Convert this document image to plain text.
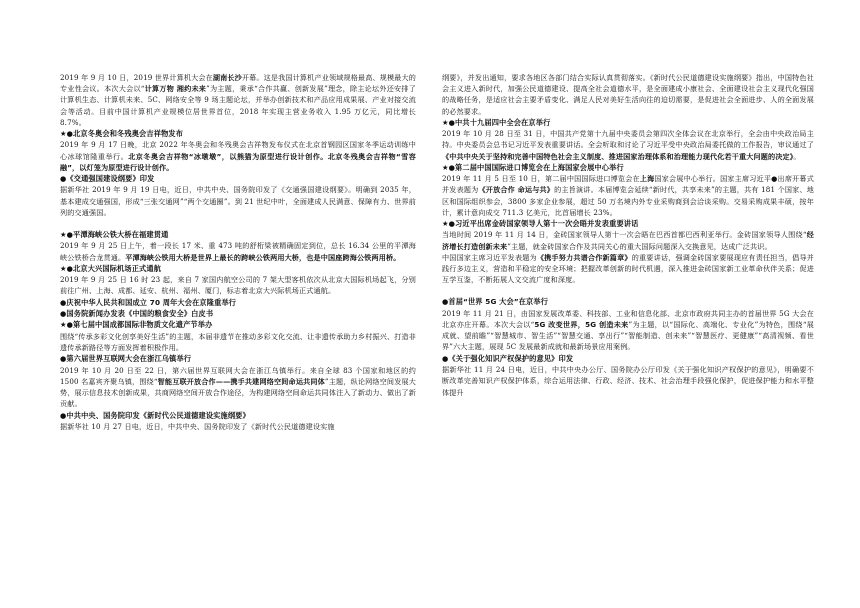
2019 年 9 月 10 日，2019 世界计算机大会在湖南长沙开幕。这是我国计算机产业领域规格最高、规模最大的专业性会议。本次大会以“计算万物 湘约未来”为主题，秉承“合作共赢、创新发展”理念，除主论坛外还安排了计算机生态、计算机未来、5C、网络安全等 9 场主题论坛，并举办创新技术和产品应用成果展、产业对接交流会等活动。目前中国计算机产业规模位居世界首位，2018 年实现主营业务收入 1.95 万亿元，同比增长 8.7%。

★●北京冬奥会和冬残奥会吉祥物发布

2019 年 9 月 17 日晚，北京 2022 年冬奥会和冬残奥会吉祥物发布仪式在北京首钢园区国家冬季运动训练中心冰球馆隆重举行。北京冬奥会吉祥物“冰墩墩”，以熊猫为原型进行设计创作。北京冬残奥会吉祥物“雪容融”，以灯笼为原型进行设计创作。

●《交通强国建设纲要》印发

据新华社 2019 年 9 月 19 日电，近日，中共中央、国务院印发了《交通强国建设纲要》。明确到 2035 年，基本建成交通强国，形成“三张交通网”“两个交通圈”。到 21 世纪中叶，全面建成人民满意、保障有力、世界前列的交通强国。

★●平潭海峡公铁大桥在福建贯通

2019 年 9 月 25 日上午，着一段长 17 米、重 473 吨的舒桁梁被精确固定到位，总长 16.34 公里的平潭海峡公铁桥合龙贯通。平潭海峡公铁用大桥是世界上最长的跨峡公铁两用大桥，也是中国座跨海公铁两用桥。

★●北京大兴国际机场正式通航

2019 年 9 月 25 日 16 时 23 起，来自 7 家国内航空公司的 7 架大型客机依次从北京大国际机场起飞，分别前往广州、上海、成都、延安、杭州、福州、厦门，标志着北京大兴际机场正式通航。

●庆祝中华人民共和国成立 70 周年大会在京隆重举行

●国务院新闻办发表《中国的粮食安全》白皮书

★●第七届中国成都国际非物质文化遗产节举办

围绕“传承多彩文化创享美好生活”的主题，本届非遗节在推动多彩文化交流、让非遗传承助力乡村振兴、打造非遗传承新路径等方面发挥着积极作用。

●第六届世界互联网大会在浙江乌镇举行

2019 年 10 月 20 日至 22 日，第六届世界互联网大会在浙江乌镇举行。来自全球 83 个国家和地区的约 1500 名嘉宾齐聚乌镇，围绕“智能互联开放合作——携手共建网络空间命运共同体”主题，纵论网络空间发展大势，展示信息技术创新成果，共商网络空间开放合作途径，为构建网络空间命运共同体注入了新动力、做出了新贡献。

●中共中央、国务院印发《新时代公民道德建设实施纲要》

据新华社 10 月 27 日电，近日，中共中央、国务院印发了《新时代公民道德建设实施

纲要》，并发出通知，要求各地区各部门结合实际认真贯彻落实。《新时代公民道德建设实施纲要》指出，中国特色社会主义进入新时代，加强公民道德建设、提高全社会道德水平，是全面建成小康社会、全面建设社会主义现代化强国的战略任务，是适应社会主要矛盾变化、满足人民对美好生活向往的迫切需要，是促进社会全面进步、人的全面发展的必然要求。

★●中共十九届四中全会在京举行

2019 年 10 月 28 日至 31 日，中国共产党第十九届中央委员会第四次全体会议在北京举行，全会由中央政治局主持。中央委员会总书记习近平发表重要讲话。全会听取和讨论了习近平受中央政治局委托做的工作报告，审议通过了《中共中央关于坚持和完善中国特色社会主义制度、推进国家治理体系和治理能力现代化若干重大问题的决定》。

★●第二届中国国际进口博览会在上海国家会展中心举行

2019 年 11 月 5 日至 10 日，第二届中国国际进口博览会在上海国家会展中心举行。国家主席习近平●出席开幕式并发表题为《开放合作 命运与共》的主旨演讲。本届博览会延续“新时代，共享未来”的主题，共有 181 个国家、地区和国际组织参会，3800 多家企业参展，超过 50 万名境内外专业采购商到会洽谈采购。交易采购成果丰硕，按年计，累计意向成交 711.3 亿美元，比首届增长 23%。

★●习近平出席金砖国家领导人第十一次会晤并发表重要讲话

当地时间 2019 年 11 月 14 日，金砖国家领导人第十一次会晤在巴西首都巴西利亚举行。金砖国家领导人围绕“经济增长打造创新未来”主题，就金砖国家合作及共同关心的重大国际问题深入交换意见，达成广泛共识。

中国国家主席习近平发表题为《携手努力共谱合作新篇章》的重要讲话，强调金砖国家要展现应有责任担当，倡导并践行多边主义，营造和平稳定的安全环境；把握改革创新的时代机遇，深入推进金砖国家新工业革命伙伴关系；促进互学互鉴，不断拓展人文交流广度和深度。

●首届“世界 5G 大会”在京举行

2019 年 11 月 21 日，由国家发展改革委、科技部、工业和信息化部、北京市政府共同主办的首届世界 5G 大会在北京亦庄开幕。本次大会以“5G 改变世界，5G 创造未来”为主题，以“国际化、高端化、专业化”为特色，围绕“展成就、望前瞻”“智慧城市、智生活”“智慧交通、享出行”“智能制造、创未来”“智慧医疗、更健康”“高清视频、看世界”六大主题，展现 5C 发展最新成就和最新场景应用案例。

●《关于强化知识产权保护的意见》印发

据新华社 11 月 24 日电，近日，中共中央办公厅、国务院办公厅印发《关于强化知识产权保护的意见》，明确要不断改革完善知识产权保护体系，综合运用法律、行政、经济、技术、社会治理手段强化保护，促进保护能力和水平整体提升
